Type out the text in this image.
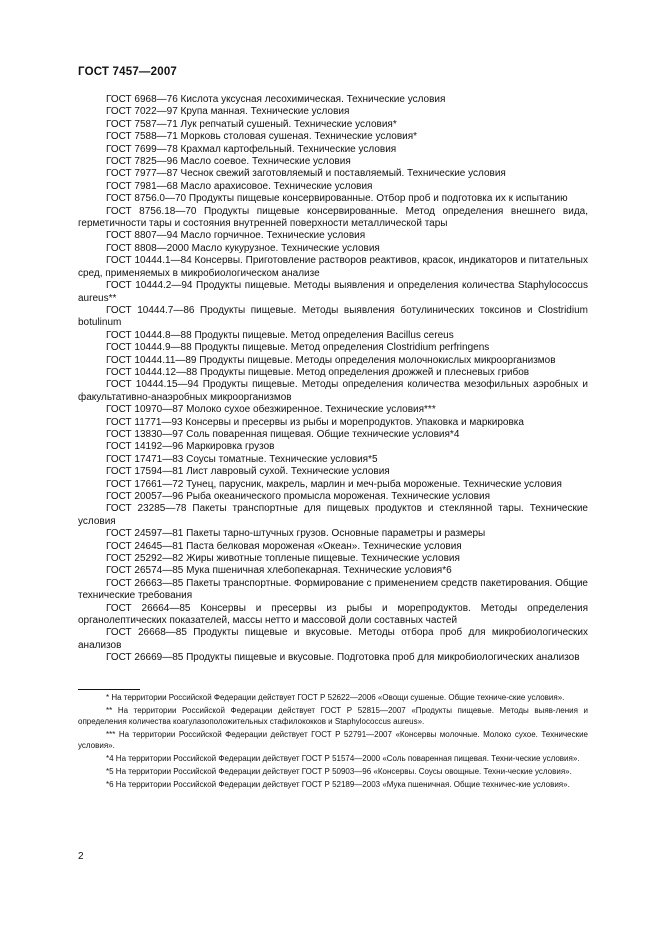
ГОСТ 7457—2007

ГОСТ 6968—76 Кислота уксусная лесохимическая. Технические условия

ГОСТ 7022—97 Крупа манная. Технические условия

ГОСТ 7587—71 Лук репчатый сушеный. Технические условия*

ГОСТ 7588—71 Морковь столовая сушеная. Технические условия*

ГОСТ 7699—78 Крахмал картофельный. Технические условия

ГОСТ 7825—96 Масло соевое. Технические условия

ГОСТ 7977—87 Чеснок свежий заготовляемый и поставляемый. Технические условия

ГОСТ 7981—68 Масло арахисовое. Технические условия

ГОСТ 8756.0—70 Продукты пищевые консервированные. Отбор проб и подготовка их к испытанию

ГОСТ 8756.18—70 Продукты пищевые консервированные. Метод определения внешнего вида, герметичности тары и состояния внутренней поверхности металлической тары

ГОСТ 8807—94 Масло горчичное. Технические условия

ГОСТ 8808—2000 Масло кукурузное. Технические условия

ГОСТ 10444.1—84 Консервы. Приготовление растворов реактивов, красок, индикаторов и питательных сред, применяемых в микробиологическом анализе

ГОСТ 10444.2—94 Продукты пищевые. Методы выявления и определения количества Staphylococcus aureus**

ГОСТ 10444.7—86 Продукты пищевые. Методы выявления ботулинических токсинов и Clostridium botulinum

ГОСТ 10444.8—88 Продукты пищевые. Метод определения Bacillus cereus

ГОСТ 10444.9—88 Продукты пищевые. Метод определения Clostridium perfringens

ГОСТ 10444.11—89 Продукты пищевые. Методы определения молочнокислых микроорганизмов

ГОСТ 10444.12—88 Продукты пищевые. Метод определения дрожжей и плесневых грибов

ГОСТ 10444.15—94 Продукты пищевые. Методы определения количества мезофильных аэробных и факультативно-анаэробных микроорганизмов

ГОСТ 10970—87 Молоко сухое обезжиренное. Технические условия***

ГОСТ 11771—93 Консервы и пресервы из рыбы и морепродуктов. Упаковка и маркировка

ГОСТ 13830—97 Соль поваренная пищевая. Общие технические условия*4

ГОСТ 14192—96 Маркировка грузов

ГОСТ 17471—83 Соусы томатные. Технические условия*5

ГОСТ 17594—81 Лист лавровый сухой. Технические условия

ГОСТ 17661—72 Тунец, парусник, макрель, марлин и меч-рыба мороженые. Технические условия

ГОСТ 20057—96 Рыба океанического промысла мороженая. Технические условия

ГОСТ 23285—78 Пакеты транспортные для пищевых продуктов и стеклянной тары. Технические условия

ГОСТ 24597—81 Пакеты тарно-штучных грузов. Основные параметры и размеры

ГОСТ 24645—81 Паста белковая мороженая «Океан». Технические условия

ГОСТ 25292—82 Жиры животные топленые пищевые. Технические условия

ГОСТ 26574—85 Мука пшеничная хлебопекарная. Технические условия*6

ГОСТ 26663—85 Пакеты транспортные. Формирование с применением средств пакетирования. Общие технические требования

ГОСТ 26664—85 Консервы и пресервы из рыбы и морепродуктов. Методы определения органолептических показателей, массы нетто и массовой доли составных частей

ГОСТ 26668—85 Продукты пищевые и вкусовые. Методы отбора проб для микробиологических анализов

ГОСТ 26669—85 Продукты пищевые и вкусовые. Подготовка проб для микробиологических анализов

* На территории Российской Федерации действует ГОСТ Р 52622—2006 «Овощи сушеные. Общие техниче-ские условия».

** На территории Российской Федерации действует ГОСТ Р 52815—2007 «Продукты пищевые. Методы выяв-ления и определения количества коагулазоположительных стафилококков и Staphylococcus aureus».

*** На территории Российской Федерации действует ГОСТ Р 52791—2007 «Консервы молочные. Молоко сухое. Технические условия».

*4 На территории Российской Федерации действует ГОСТ Р 51574—2000 «Соль поваренная пищевая. Техни-ческие условия».

*5 На территории Российской Федерации действует ГОСТ Р 50903—96 «Консервы. Соусы овощные. Техни-ческие условия».

*6 На территории Российской Федерации действует ГОСТ Р 52189—2003 «Мука пшеничная. Общие техничес-кие условия».

2
